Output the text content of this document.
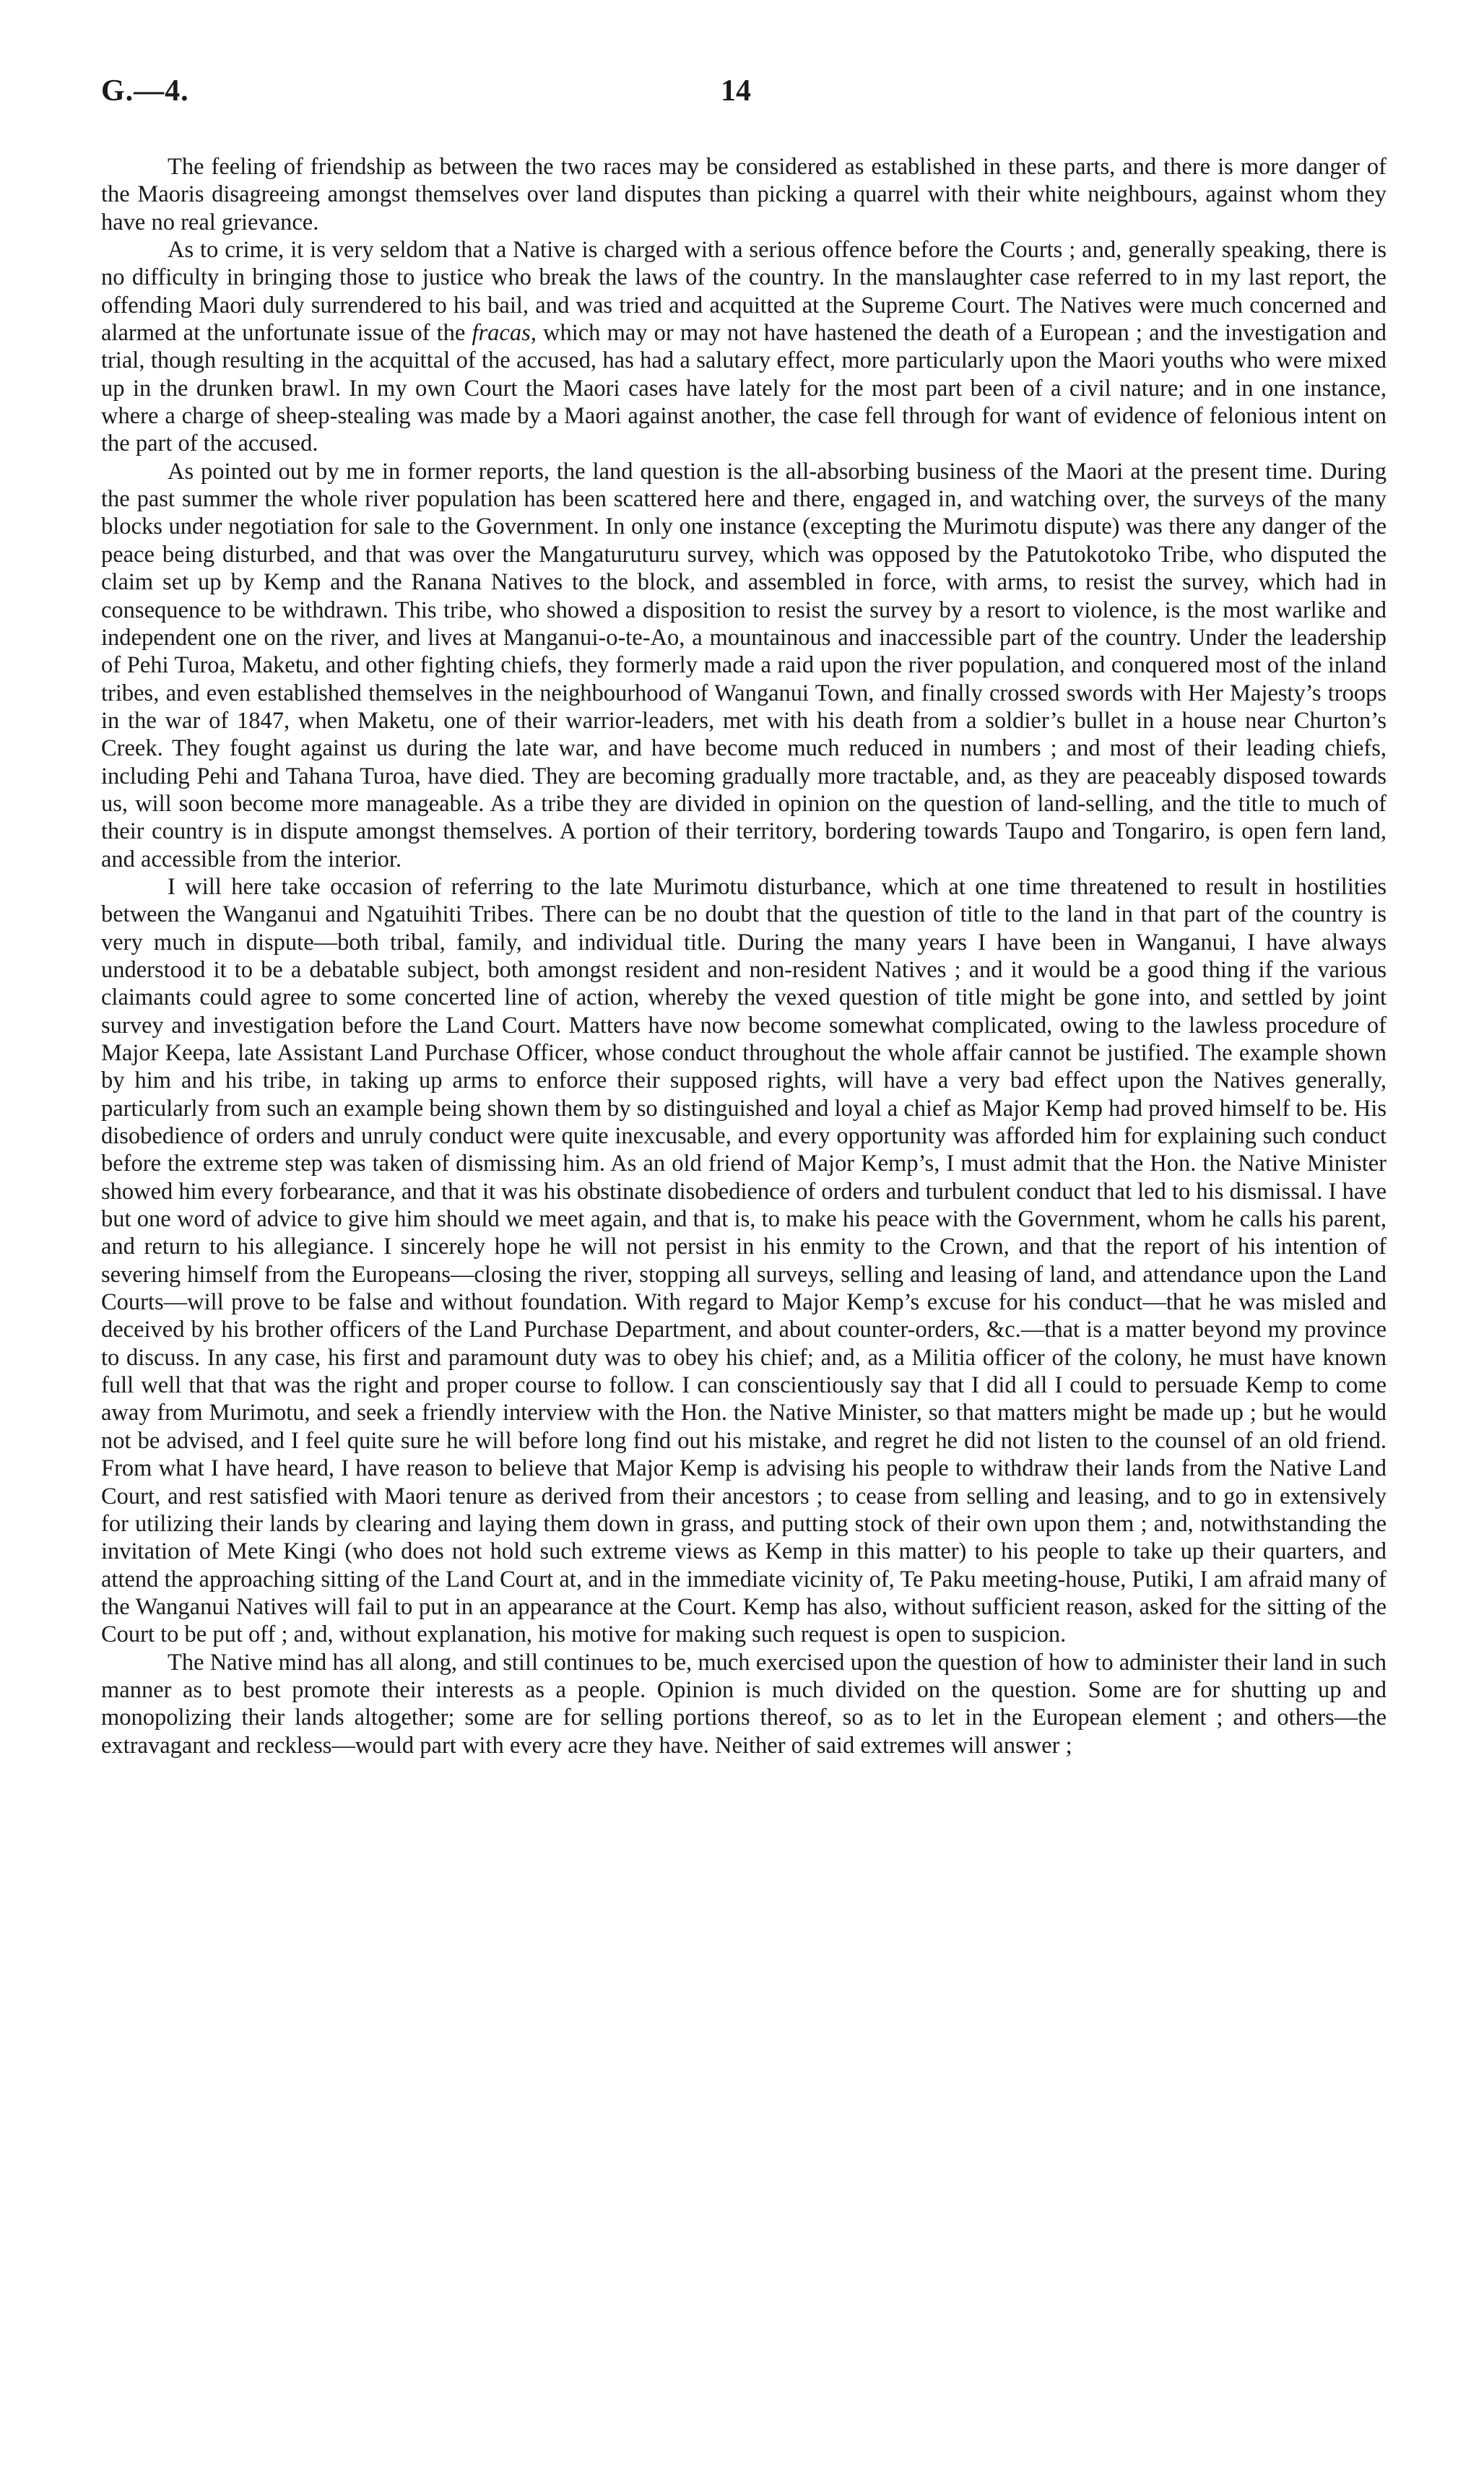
G.—4.	14

The feeling of friendship as between the two races may be considered as established in these parts, and there is more danger of the Maoris disagreeing amongst themselves over land disputes than picking a quarrel with their white neighbours, against whom they have no real grievance.

As to crime, it is very seldom that a Native is charged with a serious offence before the Courts ; and, generally speaking, there is no difficulty in bringing those to justice who break the laws of the country. In the manslaughter case referred to in my last report, the offending Maori duly surrendered to his bail, and was tried and acquitted at the Supreme Court. The Natives were much concerned and alarmed at the unfortunate issue of the fracas, which may or may not have hastened the death of a European ; and the investigation and trial, though resulting in the acquittal of the accused, has had a salutary effect, more particularly upon the Maori youths who were mixed up in the drunken brawl. In my own Court the Maori cases have lately for the most part been of a civil nature; and in one instance, where a charge of sheep-stealing was made by a Maori against another, the case fell through for want of evidence of felonious intent on the part of the accused.

As pointed out by me in former reports, the land question is the all-absorbing business of the Maori at the present time. During the past summer the whole river population has been scattered here and there, engaged in, and watching over, the surveys of the many blocks under negotiation for sale to the Government. In only one instance (excepting the Murimotu dispute) was there any danger of the peace being disturbed, and that was over the Mangaturuturu survey, which was opposed by the Patutokotoko Tribe, who disputed the claim set up by Kemp and the Ranana Natives to the block, and assembled in force, with arms, to resist the survey, which had in consequence to be withdrawn. This tribe, who showed a disposition to resist the survey by a resort to violence, is the most warlike and independent one on the river, and lives at Manganui-o-te-Ao, a mountainous and inaccessible part of the country. Under the leadership of Pehi Turoa, Maketu, and other fighting chiefs, they formerly made a raid upon the river population, and conquered most of the inland tribes, and even established themselves in the neighbourhood of Wanganui Town, and finally crossed swords with Her Majesty’s troops in the war of 1847, when Maketu, one of their warrior-leaders, met with his death from a soldier’s bullet in a house near Churton’s Creek. They fought against us during the late war, and have become much reduced in numbers ; and most of their leading chiefs, including Pehi and Tahana Turoa, have died. They are becoming gradually more tractable, and, as they are peaceably disposed towards us, will soon become more manageable. As a tribe they are divided in opinion on the question of land-selling, and the title to much of their country is in dispute amongst themselves. A portion of their territory, bordering towards Taupo and Tongariro, is open fern land, and accessible from the interior.

I will here take occasion of referring to the late Murimotu disturbance, which at one time threatened to result in hostilities between the Wanganui and Ngatuihiti Tribes. There can be no doubt that the question of title to the land in that part of the country is very much in dispute—both tribal, family, and individual title. During the many years I have been in Wanganui, I have always understood it to be a debatable subject, both amongst resident and non-resident Natives ; and it would be a good thing if the various claimants could agree to some concerted line of action, whereby the vexed question of title might be gone into, and settled by joint survey and investigation before the Land Court. Matters have now become somewhat complicated, owing to the lawless procedure of Major Keepa, late Assistant Land Purchase Officer, whose conduct throughout the whole affair cannot be justified. The example shown by him and his tribe, in taking up arms to enforce their supposed rights, will have a very bad effect upon the Natives generally, particularly from such an example being shown them by so distinguished and loyal a chief as Major Kemp had proved himself to be. His disobedience of orders and unruly conduct were quite inexcusable, and every opportunity was afforded him for explaining such conduct before the extreme step was taken of dismissing him. As an old friend of Major Kemp’s, I must admit that the Hon. the Native Minister showed him every forbearance, and that it was his obstinate disobedience of orders and turbulent conduct that led to his dismissal. I have but one word of advice to give him should we meet again, and that is, to make his peace with the Government, whom he calls his parent, and return to his allegiance. I sincerely hope he will not persist in his enmity to the Crown, and that the report of his intention of severing himself from the Europeans—closing the river, stopping all surveys, selling and leasing of land, and attendance upon the Land Courts—will prove to be false and without foundation. With regard to Major Kemp’s excuse for his conduct—that he was misled and deceived by his brother officers of the Land Purchase Department, and about counter-orders, &c.—that is a matter beyond my province to discuss. In any case, his first and paramount duty was to obey his chief; and, as a Militia officer of the colony, he must have known full well that that was the right and proper course to follow. I can conscientiously say that I did all I could to persuade Kemp to come away from Murimotu, and seek a friendly interview with the Hon. the Native Minister, so that matters might be made up ; but he would not be advised, and I feel quite sure he will before long find out his mistake, and regret he did not listen to the counsel of an old friend. From what I have heard, I have reason to believe that Major Kemp is advising his people to withdraw their lands from the Native Land Court, and rest satisfied with Maori tenure as derived from their ancestors ; to cease from selling and leasing, and to go in extensively for utilizing their lands by clearing and laying them down in grass, and putting stock of their own upon them ; and, notwithstanding the invitation of Mete Kingi (who does not hold such extreme views as Kemp in this matter) to his people to take up their quarters, and attend the approaching sitting of the Land Court at, and in the immediate vicinity of, Te Paku meeting-house, Putiki, I am afraid many of the Wanganui Natives will fail to put in an appearance at the Court. Kemp has also, without sufficient reason, asked for the sitting of the Court to be put off ; and, without explanation, his motive for making such request is open to suspicion.

The Native mind has all along, and still continues to be, much exercised upon the question of how to administer their land in such manner as to best promote their interests as a people. Opinion is much divided on the question. Some are for shutting up and monopolizing their lands altogether; some are for selling portions thereof, so as to let in the European element ; and others—the extravagant and reckless—would part with every acre they have. Neither of said extremes will answer ;
